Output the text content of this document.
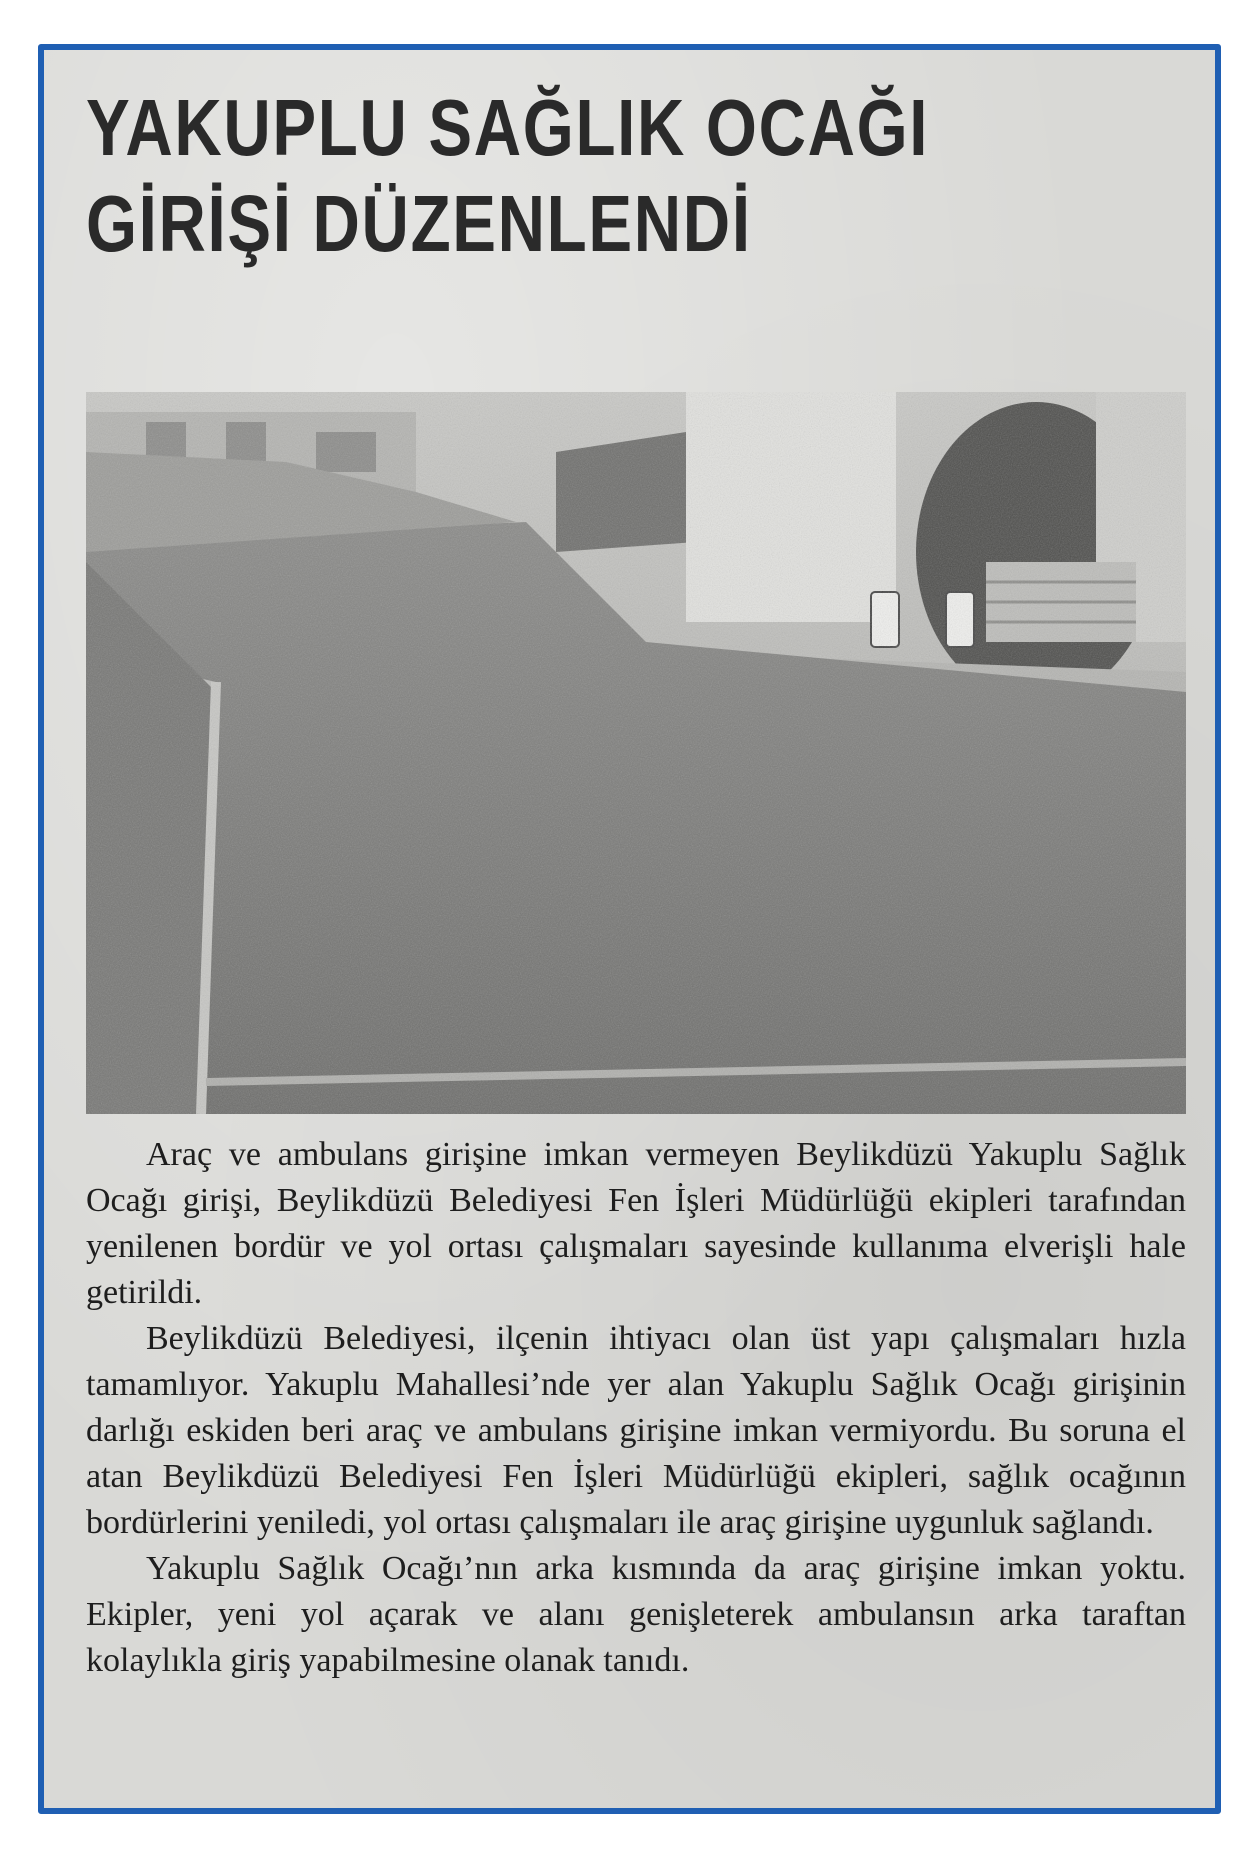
YAKUPLU SAĞLIK OCAĞI
GİRİŞİ DÜZENLENDİ

Araç ve ambulans girişine imkan vermeyen Beylikdüzü Yakuplu Sağlık Ocağı girişi, Beylikdüzü Belediyesi Fen İşleri Müdürlüğü ekipleri tarafından yenilenen bordür ve yol ortası çalışmaları sayesinde kullanıma elverişli hale getirildi.

Beylikdüzü Belediyesi, ilçenin ihtiyacı olan üst yapı çalışmaları hızla tamamlıyor. Yakuplu Mahallesi’nde yer alan Yakuplu Sağlık Ocağı girişinin darlığı eskiden beri araç ve ambulans girişine imkan vermiyordu. Bu soruna el atan Beylikdüzü Belediyesi Fen İşleri Müdürlüğü ekipleri, sağlık ocağının bordürlerini yeniledi, yol ortası çalışmaları ile araç girişine uygunluk sağlandı.

Yakuplu Sağlık Ocağı’nın arka kısmında da araç girişine imkan yoktu. Ekipler, yeni yol açarak ve alanı genişleterek ambulansın arka taraftan kolaylıkla giriş yapabilmesine olanak tanıdı.
